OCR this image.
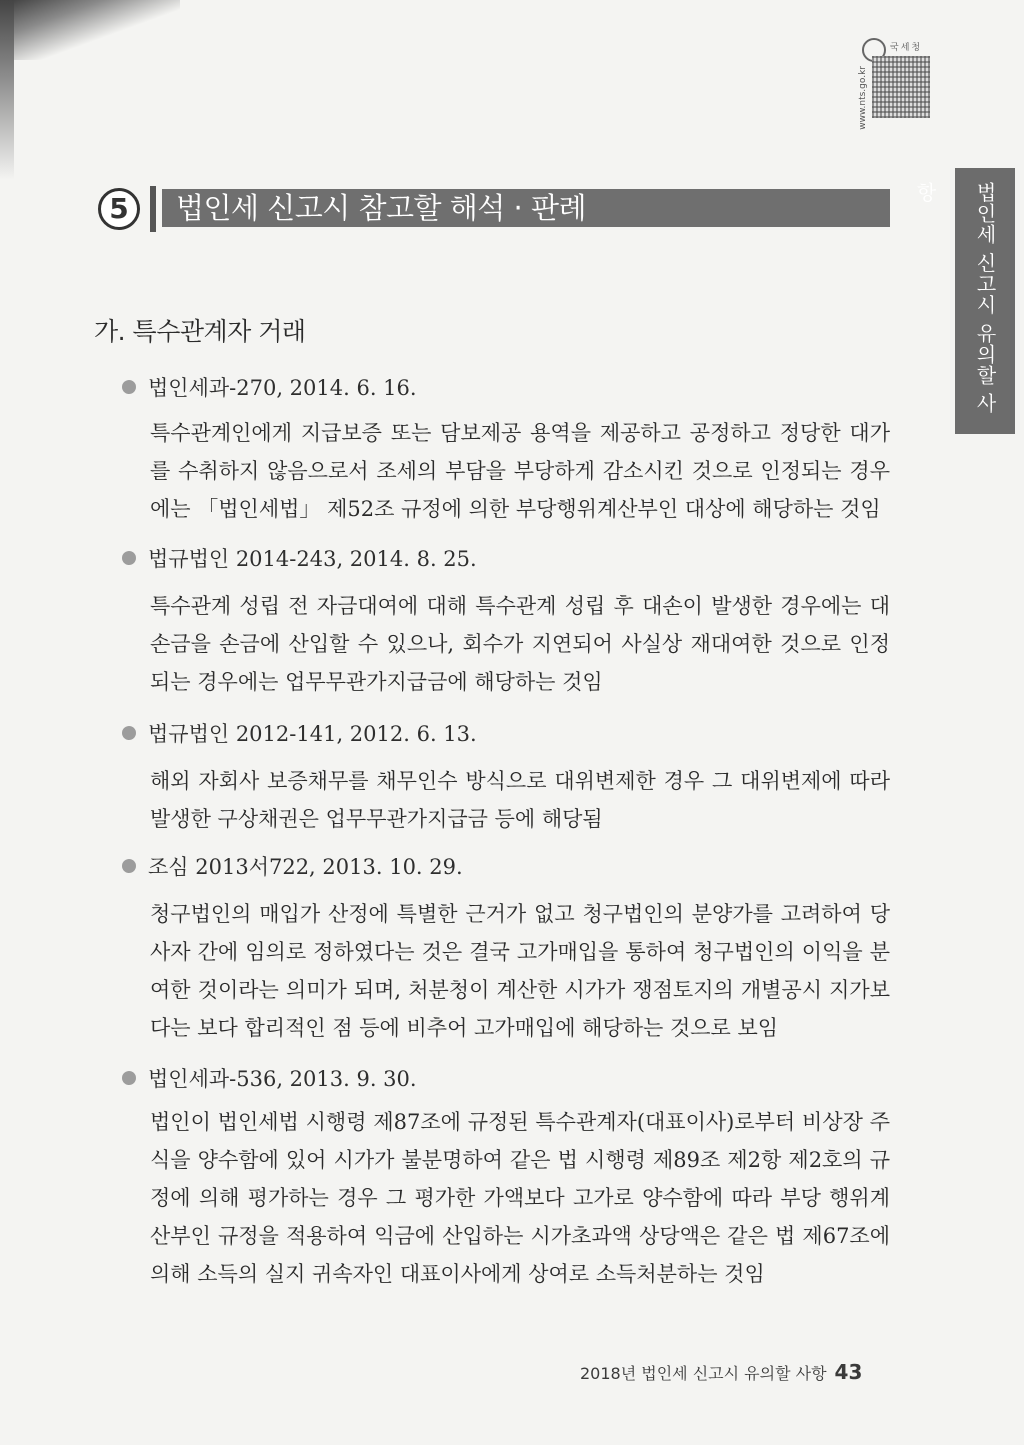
국세청
www.nts.go.kr
5	법인세 신고시 참고할 해석 · 판례	법인세 신고시 유의할 사항
가. 특수관계자 거래
법인세과-270, 2014. 6. 16.
특수관계인에게 지급보증 또는 담보제공 용역을 제공하고 공정하고 정당한 대가를 수취하지 않음으로서 조세의 부담을 부당하게 감소시킨 것으로 인정되는 경우에는 「법인세법」 제52조 규정에 의한 부당행위계산부인 대상에 해당하는 것임
법규법인 2014-243, 2014. 8. 25.
특수관계 성립 전 자금대여에 대해 특수관계 성립 후 대손이 발생한 경우에는 대손금을 손금에 산입할 수 있으나, 회수가 지연되어 사실상 재대여한 것으로 인정되는 경우에는 업무무관가지급금에 해당하는 것임
법규법인 2012-141, 2012. 6. 13.
해외 자회사 보증채무를 채무인수 방식으로 대위변제한 경우 그 대위변제에 따라 발생한 구상채권은 업무무관가지급금 등에 해당됨
조심 2013서722, 2013. 10. 29.
청구법인의 매입가 산정에 특별한 근거가 없고 청구법인의 분양가를 고려하여 당사자 간에 임의로 정하였다는 것은 결국 고가매입을 통하여 청구법인의 이익을 분여한 것이라는 의미가 되며, 처분청이 계산한 시가가 쟁점토지의 개별공시 지가보다는 보다 합리적인 점 등에 비추어 고가매입에 해당하는 것으로 보임
법인세과-536, 2013. 9. 30.
법인이 법인세법 시행령 제87조에 규정된 특수관계자(대표이사)로부터 비상장 주식을 양수함에 있어 시가가 불분명하여 같은 법 시행령 제89조 제2항 제2호의 규정에 의해 평가하는 경우 그 평가한 가액보다 고가로 양수함에 따라 부당 행위계산부인 규정을 적용하여 익금에 산입하는 시가초과액 상당액은 같은 법 제67조에 의해 소득의 실지 귀속자인 대표이사에게 상여로 소득처분하는 것임
2018년 법인세 신고시 유의할 사항 43
